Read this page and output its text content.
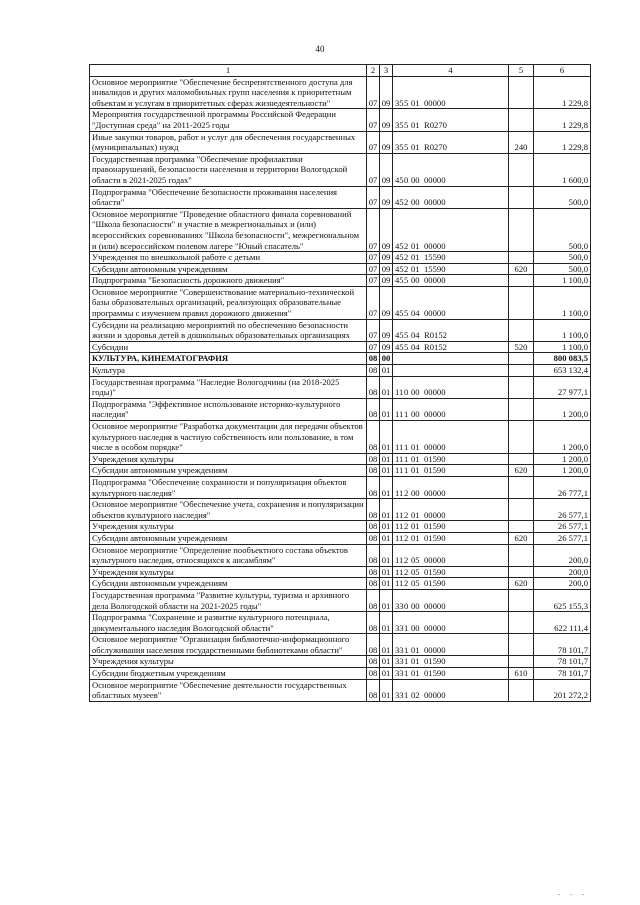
40
1	2	3	4	5	6
Основное мероприятие "Обеспечение беспрепятственного доступа для инвалидов и других маломобильных групп населения к приоритетным объектам и услугам в приоритетных сферах жизнедеятельности"	07	09	355 01 00000		1 229,8
Мероприятия государственной программы Российской Федерации "Доступная среда" на 2011-2025 годы	07	09	355 01 R0270		1 229,8
Иные закупки товаров, работ и услуг для обеспечения государственных (муниципальных) нужд	07	09	355 01 R0270	240	1 229,8
Государственная программа "Обеспечение профилактики правонарушений, безопасности населения и территории Вологодской области в 2021-2025 годах"	07	09	450 00 00000		1 600,0
Подпрограмма "Обеспечение безопасности проживания населения области"	07	09	452 00 00000		500,0
Основное мероприятие "Проведение областного финала соревнований "Школа безопасности" и участие в межрегиональных и (или) всероссийских соревнованиях "Школа безопасности", межрегиональном и (или) всероссийском полевом лагере "Юный спасатель"	07	09	452 01 00000		500,0
Учреждения по внешкольной работе с детьми	07	09	452 01 15590		500,0
Субсидии автономным учреждениям	07	09	452 01 15590	620	500,0
Подпрограмма "Безопасность дорожного движения"	07	09	455 00 00000		1 100,0
Основное мероприятие "Совершенствование материально-технической базы образовательных организаций, реализующих образовательные программы с изучением правил дорожного движения"	07	09	455 04 00000		1 100,0
Субсидии на реализацию мероприятий по обеспечению безопасности жизни и здоровья детей в дошкольных образовательных организациях	07	09	455 04 R0152		1 100,0
Субсидии	07	09	455 04 R0152	520	1 100,0
КУЛЬТУРА, КИНЕМАТОГРАФИЯ	08	00			800 083,5
Культура	08	01			653 132,4
Государственная программа "Наследие Вологодчины (на 2018-2025 годы)"	08	01	110 00 00000		27 977,1
Подпрограмма "Эффективное использование историко-культурного наследия"	08	01	111 00 00000		1 200,0
Основное мероприятие "Разработка документации для передачи объектов культурного наследия в частную собственность или пользование, в том числе в особом порядке"	08	01	111 01 00000		1 200,0
Учреждения культуры	08	01	111 01 01590		1 200,0
Субсидии автономным учреждениям	08	01	111 01 01590	620	1 200,0
Подпрограмма "Обеспечение сохранности и популяризация объектов культурного наследия"	08	01	112 00 00000		26 777,1
Основное мероприятие "Обеспечение учета, сохранения и популяризации объектов культурного наследия"	08	01	112 01 00000		26 577,1
Учреждения культуры	08	01	112 01 01590		26 577,1
Субсидии автономным учреждениям	08	01	112 01 01590	620	26 577,1
Основное мероприятие "Определение пообъектного состава объектов культурного наследия, относящихся к ансамблям"	08	01	112 05 00000		200,0
Учреждения культуры	08	01	112 05 01590		200,0
Субсидии автономным учреждениям	08	01	112 05 01590	620	200,0
Государственная программа "Развитие культуры, туризма и архивного дела Вологодской области на 2021-2025 годы"	08	01	330 00 00000		625 155,3
Подпрограмма "Сохранение и развитие культурного потенциала, документального наследия Вологодской области"	08	01	331 00 00000		622 111,4
Основное мероприятие "Организация библиотечно-информационного обслуживания населения государственными библиотеками области"	08	01	331 01 00000		78 101,7
Учреждения культуры	08	01	331 01 01590		78 101,7
Субсидии бюджетным учреждениям	08	01	331 01 01590	610	78 101,7
Основное мероприятие "Обеспечение деятельности государственных областных музеев"	08	01	331 02 00000		201 272,2
. . .
